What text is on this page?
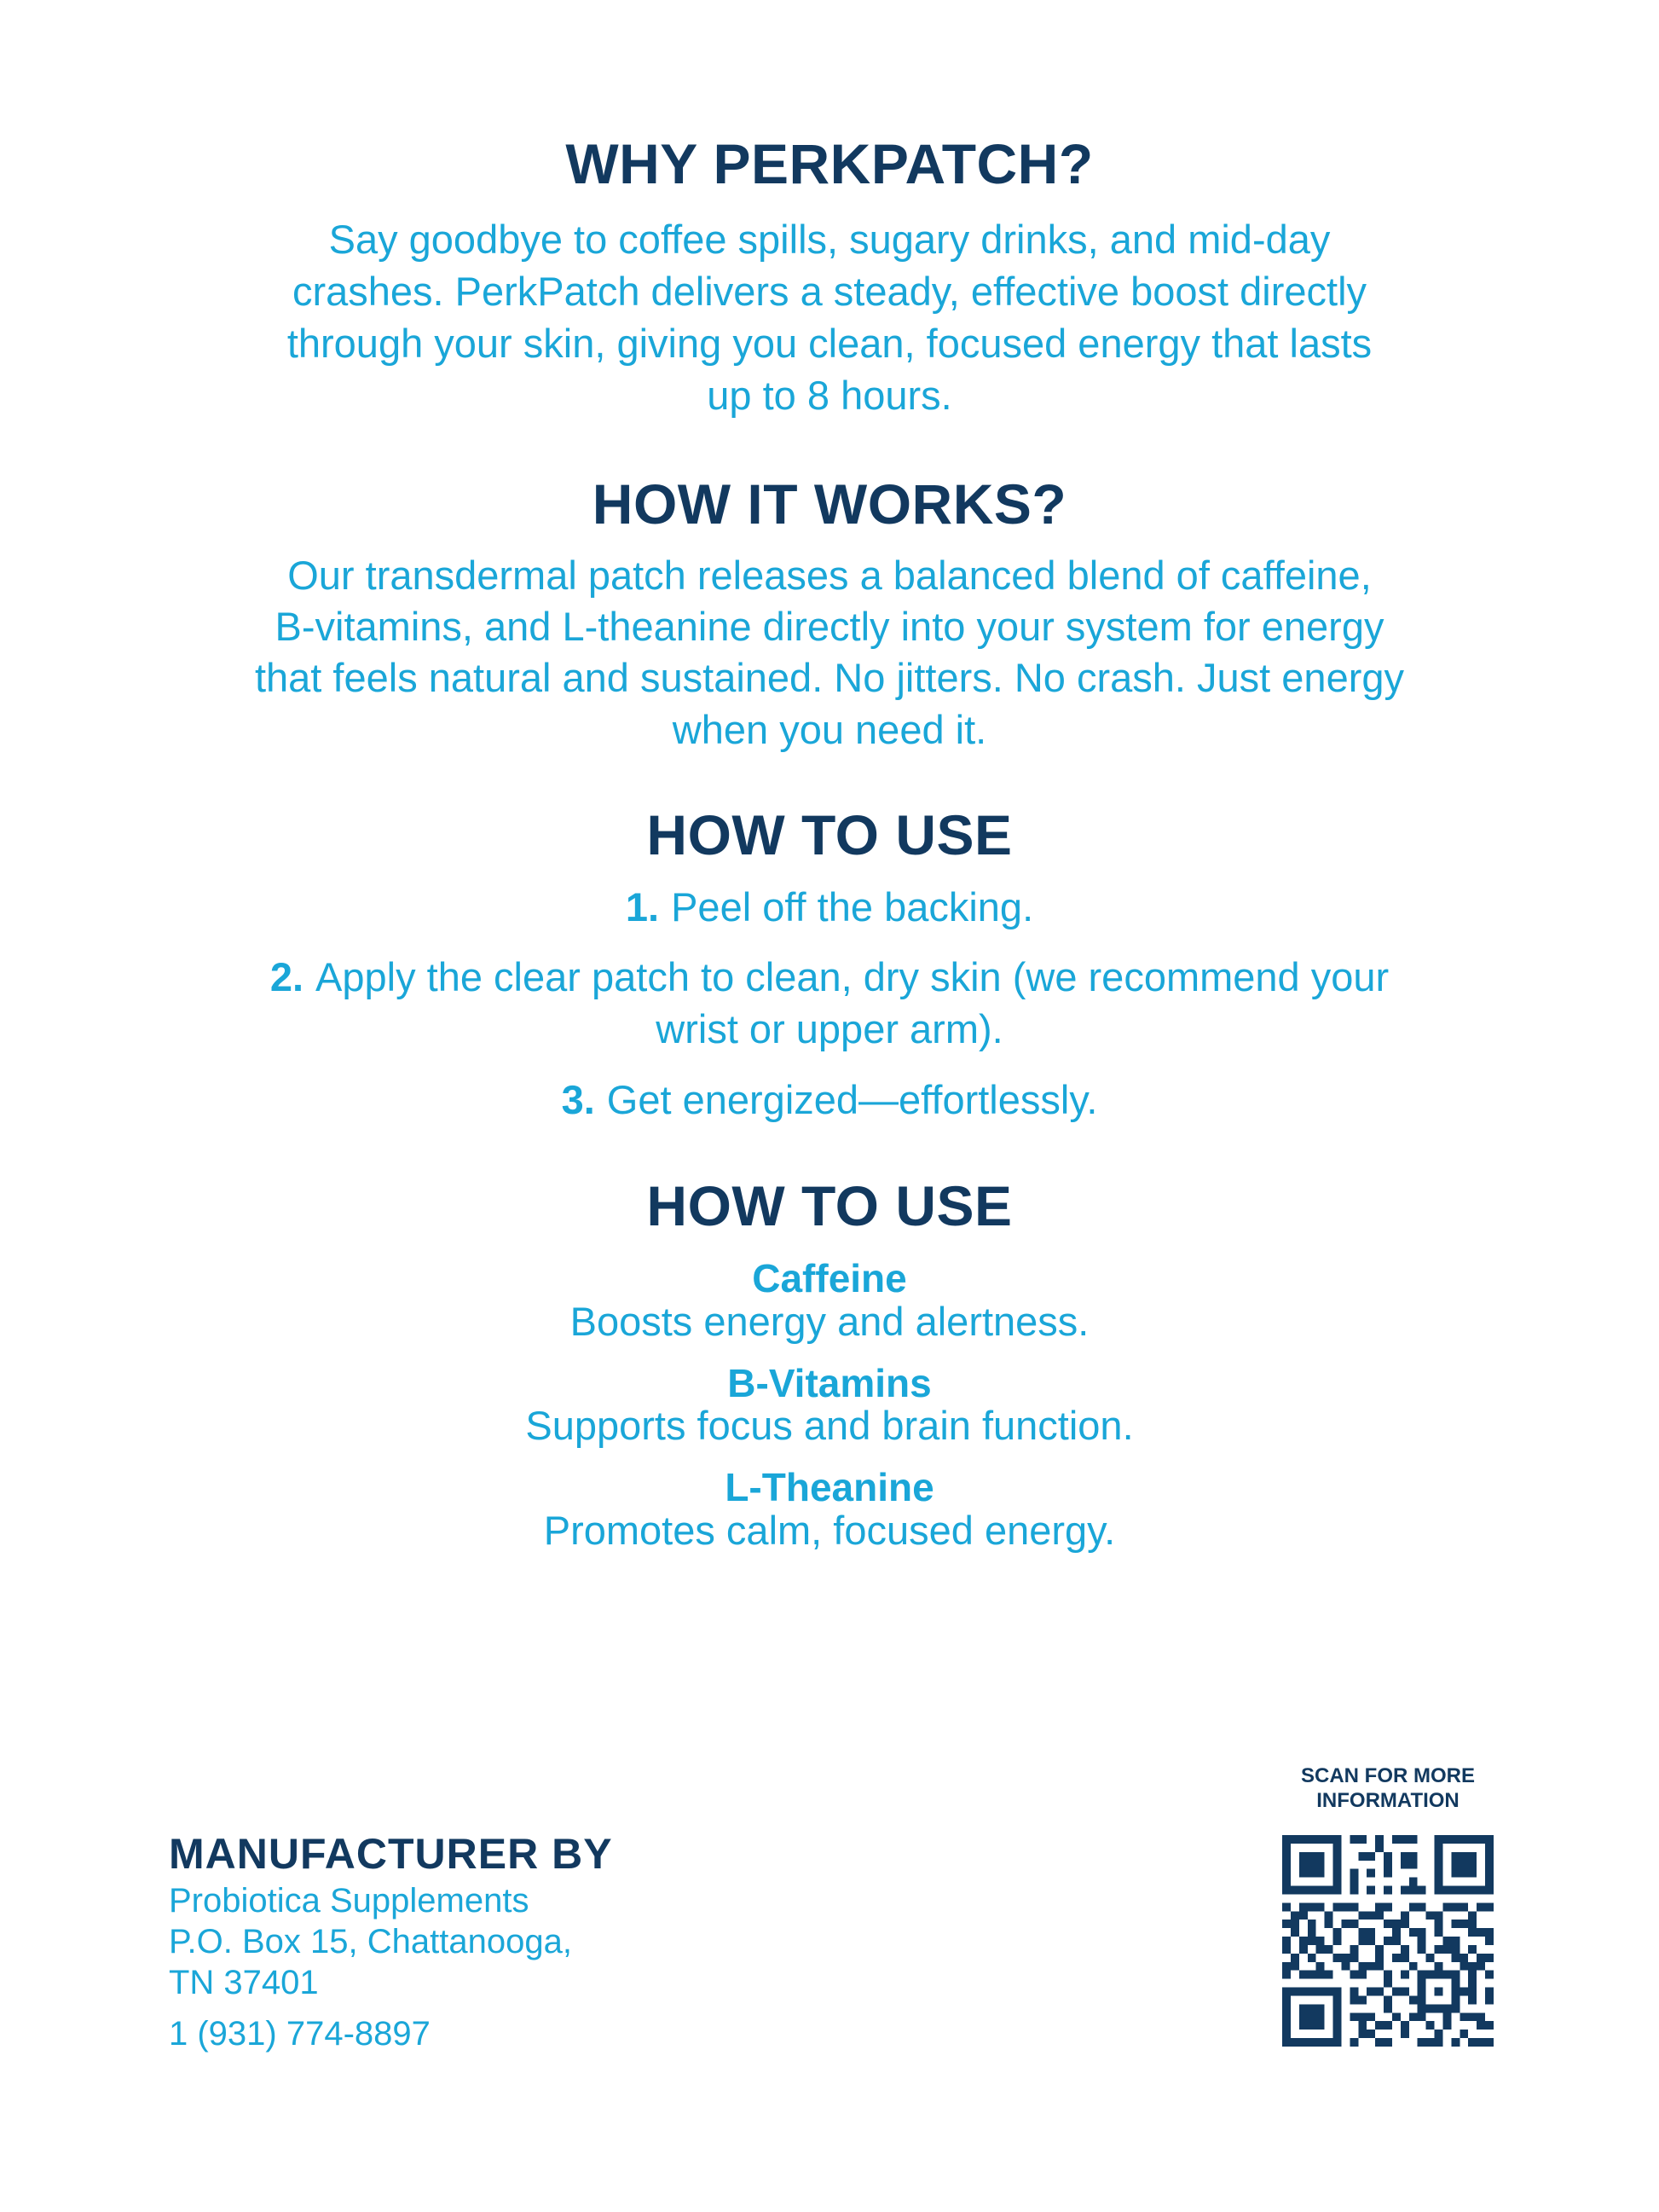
WHY PERKPATCH?

Say goodbye to coffee spills, sugary drinks, and mid-day

crashes. PerkPatch delivers a steady, effective boost directly

through your skin, giving you clean, focused energy that lasts

up to 8 hours.

HOW IT WORKS?

Our transdermal patch releases a balanced blend of caffeine,

B-vitamins, and L-theanine directly into your system for energy

that feels natural and sustained. No jitters. No crash. Just energy

when you need it.

HOW TO USE

1. Peel off the backing.

2. Apply the clear patch to clean, dry skin (we recommend your

wrist or upper arm).

3. Get energized—effortlessly.

HOW TO USE

Caffeine

Boosts energy and alertness.

B-Vitamins

Supports focus and brain function.

L-Theanine

Promotes calm, focused energy.

MANUFACTURER BY

Probiotica Supplements

P.O. Box 15, Chattanooga,

TN 37401

1 (931) 774-8897

SCAN FOR MORE

INFORMATION
